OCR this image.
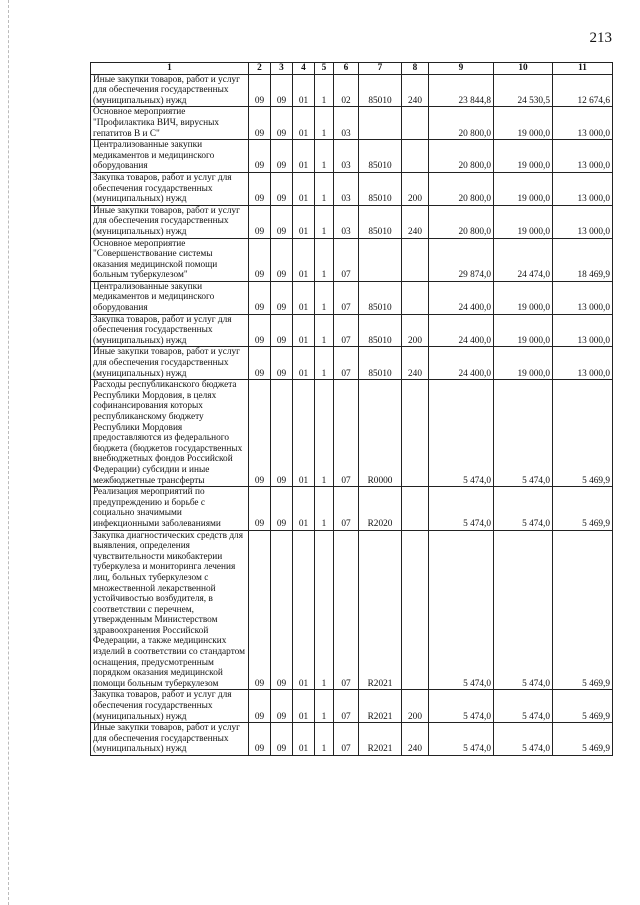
213
1	2	3	4	5	6	7	8	9	10	11
Иные закупки товаров, работ и услуг для обеспечения государственных (муниципальных) нужд	09	09	01	1	02	85010	240	23 844,8	24 530,5	12 674,6
Основное мероприятие "Профилактика ВИЧ, вирусных гепатитов В и С"	09	09	01	1	03			20 800,0	19 000,0	13 000,0
Централизованные закупки медикаментов и медицинского оборудования	09	09	01	1	03	85010		20 800,0	19 000,0	13 000,0
Закупка товаров, работ и услуг для обеспечения государственных (муниципальных) нужд	09	09	01	1	03	85010	200	20 800,0	19 000,0	13 000,0
Иные закупки товаров, работ и услуг для обеспечения государственных (муниципальных) нужд	09	09	01	1	03	85010	240	20 800,0	19 000,0	13 000,0
Основное мероприятие "Совершенствование системы оказания медицинской помощи больным туберкулезом"	09	09	01	1	07			29 874,0	24 474,0	18 469,9
Централизованные закупки медикаментов и медицинского оборудования	09	09	01	1	07	85010		24 400,0	19 000,0	13 000,0
Закупка товаров, работ и услуг для обеспечения государственных (муниципальных) нужд	09	09	01	1	07	85010	200	24 400,0	19 000,0	13 000,0
Иные закупки товаров, работ и услуг для обеспечения государственных (муниципальных) нужд	09	09	01	1	07	85010	240	24 400,0	19 000,0	13 000,0
Расходы республиканского бюджета Республики Мордовия, в целях софинансирования которых республиканскому бюджету Республики Мордовия предоставляются из федерального бюджета (бюджетов государственных внебюджетных фондов Российской Федерации) субсидии и иные межбюджетные трансферты	09	09	01	1	07	R0000		5 474,0	5 474,0	5 469,9
Реализация мероприятий по предупреждению и борьбе с социально значимыми инфекционными заболеваниями	09	09	01	1	07	R2020		5 474,0	5 474,0	5 469,9
Закупка диагностических средств для выявления, определения чувствительности микобактерии туберкулеза и мониторинга лечения лиц, больных туберкулезом с множественной лекарственной устойчивостью возбудителя, в соответствии с перечнем, утвержденным Министерством здравоохранения Российской Федерации, а также медицинских изделий в соответствии со стандартом оснащения, предусмотренным порядком оказания медицинской помощи больным туберкулезом	09	09	01	1	07	R2021		5 474,0	5 474,0	5 469,9
Закупка товаров, работ и услуг для обеспечения государственных (муниципальных) нужд	09	09	01	1	07	R2021	200	5 474,0	5 474,0	5 469,9
Иные закупки товаров, работ и услуг для обеспечения государственных (муниципальных) нужд	09	09	01	1	07	R2021	240	5 474,0	5 474,0	5 469,9
